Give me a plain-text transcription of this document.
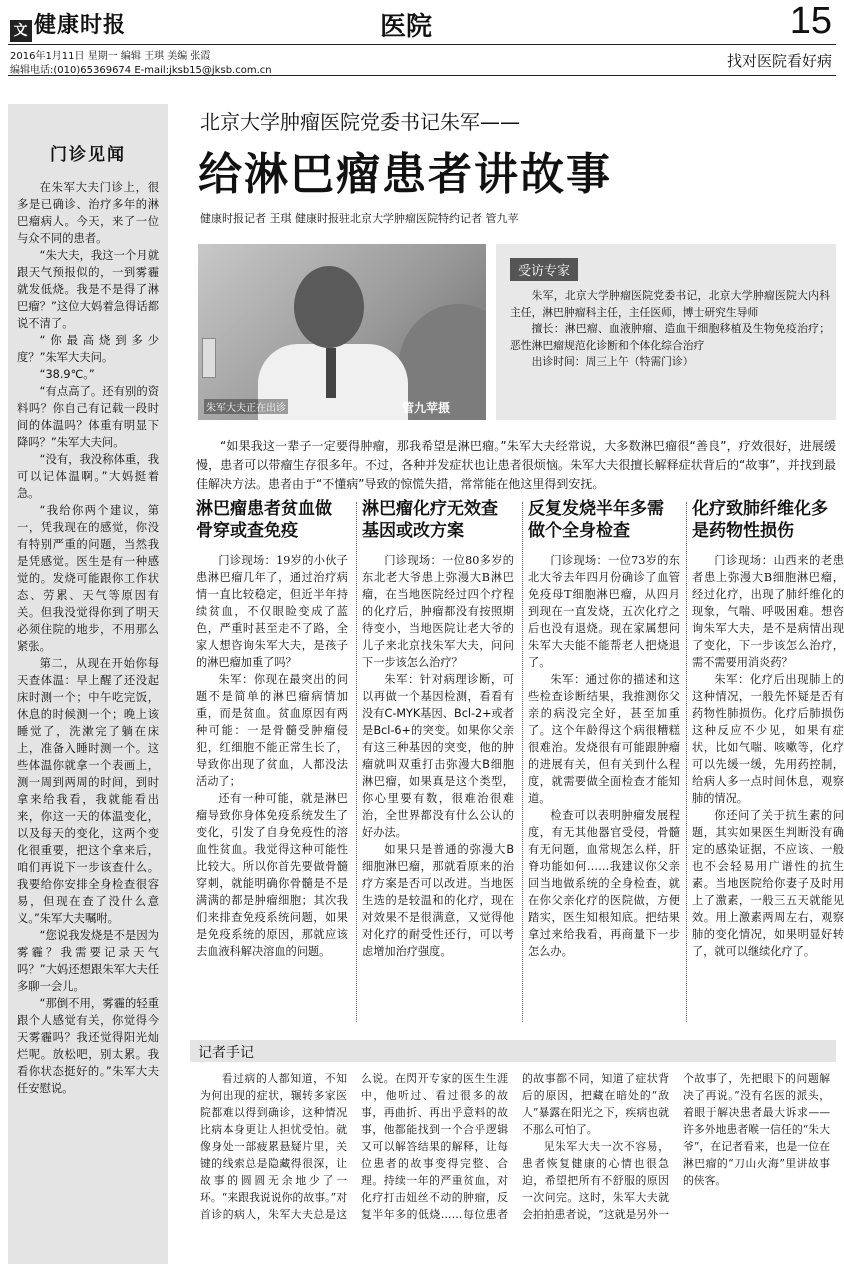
文 健康时报	医院	15
2016年1月11日 星期一 编辑 王琪 美编 张霞
编辑电话:(010)65369674 E-mail:jksb15@jksb.com.cn
找对医院看好病
门诊见闻

在朱军大夫门诊上，很多是已确诊、治疗多年的淋巴瘤病人。今天，来了一位与众不同的患者。

“朱大夫，我这一个月就跟天气预报似的，一到雾霾就发低烧。我是不是得了淋巴瘤？”这位大妈着急得话都说不清了。

“你最高烧到多少度？”朱军大夫问。

“38.9℃。”

“有点高了。还有别的资料吗？你自己有记载一段时间的体温吗？体重有明显下降吗？”朱军大夫问。

“没有，我没称体重，我可以记体温啊。”大妈挺着急。

“我给你两个建议，第一，凭我现在的感觉，你没有特别严重的问题，当然我是凭感觉。医生是有一种感觉的。发烧可能跟你工作状态、劳累、天气等原因有关。但我没觉得你到了明天必须住院的地步，不用那么紧张。

第二，从现在开始你每天查体温：早上醒了还没起床时测一个；中午吃完饭，休息的时候测一个；晚上该睡觉了，洗漱完了躺在床上，准备入睡时测一个。这些体温你就拿一个表画上，测一周到两周的时间，到时拿来给我看，我就能看出来，你这一天的体温变化，以及每天的变化，这两个变化很重要，把这个拿来后，咱们再说下一步该查什么。我要给你安排全身检查很容易，但现在查了没什么意义。”朱军大夫嘱咐。

“您说我发烧是不是因为雾霾？我需要记录天气吗？”大妈还想跟朱军大夫任多聊一会儿。

“那倒不用，雾霾的轻重跟个人感觉有关，你觉得今天雾霾吗？我还觉得阳光灿烂呢。放松吧，别太累。我看你状态挺好的。”朱军大夫任安慰说。

北京大学肿瘤医院党委书记朱军——
给淋巴瘤患者讲故事
健康时报记者 王琪 健康时报驻北京大学肿瘤医院特约记者 管九苹
朱军大夫正在出诊	管九苹摄
受访专家

朱军，北京大学肿瘤医院党委书记，北京大学肿瘤医院大内科主任，淋巴肿瘤科主任，主任医师，博士研究生导师

擅长：淋巴瘤、血液肿瘤、造血干细胞移植及生物免疫治疗；恶性淋巴瘤规范化诊断和个体化综合治疗

出诊时间：周三上午（特需门诊）

“如果我这一辈子一定要得肿瘤，那我希望是淋巴瘤。”朱军大夫经常说，大多数淋巴瘤很“善良”，疗效很好，进展缓慢，患者可以带瘤生存很多年。不过，各种并发症状也让患者很烦恼。朱军大夫很擅长解释症状背后的“故事”，并找到最佳解决方法。患者由于“不懂病”导致的惊慌失措，常常能在他这里得到安抚。
淋巴瘤患者贫血做骨穿或查免疫

门诊现场：19岁的小伙子患淋巴瘤几年了，通过治疗病情一直比较稳定，但近半年持续贫血，不仅眼睑变成了蓝色，严重时甚至走不了路，全家人想咨询朱军大夫，是孩子的淋巴瘤加重了吗？

朱军：你现在最突出的问题不是简单的淋巴瘤病情加重，而是贫血。贫血原因有两种可能：一是骨髓受肿瘤侵犯，红细胞不能正常生长了，导致你出现了贫血，人都没法活动了；

还有一种可能，就是淋巴瘤导致你身体免疫系统发生了变化，引发了自身免疫性的溶血性贫血。我觉得这种可能性比较大。所以你首先要做骨髓穿刺，就能明确你骨髓是不是满满的都是肿瘤细胞；其次我们来排查免疫系统问题，如果是免疫系统的原因，那就应该去血液科解决溶血的问题。

淋巴瘤化疗无效查基因或改方案

门诊现场：一位80多岁的东北老大爷患上弥漫大B淋巴瘤，在当地医院经过四个疗程的化疗后，肿瘤都没有按照期待变小，当地医院让老大爷的儿子来北京找朱军大夫，问问下一步该怎么治疗？

朱军：针对病理诊断，可以再做一个基因检测，看看有没有C-MYK基因、Bcl-2+或者是Bcl-6+的突变。如果你父亲有这三种基因的突变，他的肿瘤就叫双重打击弥漫大B细胞淋巴瘤，如果真是这个类型，你心里要有数，很难治很难治，全世界都没有什么公认的好办法。

如果只是普通的弥漫大B细胞淋巴瘤，那就看原来的治疗方案是否可以改进。当地医生选的是较温和的化疗，现在对效果不是很满意，又觉得他对化疗的耐受性还行，可以考虑增加治疗强度。

反复发烧半年多需做个全身检查

门诊现场：一位73岁的东北大爷去年四月份确诊了血管免疫母T细胞淋巴瘤，从四月到现在一直发烧，五次化疗之后也没有退烧。现在家属想问朱军大夫能不能帮老人把烧退了。

朱军：通过你的描述和这些检查诊断结果，我推测你父亲的病没完全好，甚至加重了。这个年龄得这个病很糟糕很难治。发烧很有可能跟肿瘤的进展有关，但有关到什么程度，就需要做全面检查才能知道。

检查可以表明肿瘤发展程度，有无其他器官受侵，骨髓有无问题，血常规怎么样，肝脊功能如何……我建议你父亲回当地做系统的全身检查，就在你父亲化疗的医院做，方便踏实，医生知根知底。把结果拿过来给我看，再商量下一步怎么办。

化疗致肺纤维化多是药物性损伤

门诊现场：山西来的老患者患上弥漫大B细胞淋巴瘤，经过化疗，出现了肺纤维化的现象，气喘、呼吸困难。想咨询朱军大夫，是不是病情出现了变化，下一步该怎么治疗，需不需要用消炎药？

朱军：化疗后出现肺上的这种情况，一般先怀疑是否有药物性肺损伤。化疗后肺损伤这种反应不少见，如果有症状，比如气喘、咳嗽等，化疗可以先缓一缓，先用药控制，给病人多一点时间休息，观察肺的情况。

你还问了关于抗生素的问题，其实如果医生判断没有确定的感染证据，不应该、一般也不会轻易用广谱性的抗生素。当地医院给你妻子及时用上了激素，一般三五天就能见效。用上激素两周左右，观察肺的变化情况，如果明显好转了，就可以继续化疗了。

记者手记

看过病的人都知道，不知为何出现的症状，辗转多家医院都难以得到确诊，这种情况比病本身更让人担忧受怕。就像身处一部疲累悬疑片里，关键的线索总是隐藏得很深，让故事的圆圆无余地少了一环。“来跟我说说你的故事。”对首诊的病人，朱军大夫总是这么说。在閃开专家的医生生涯中，他听过、看过很多的故事，再曲折、再出乎意料的故事，他都能找到一个合乎逻辑又可以解答结果的解释，让每位患者的故事变得完整、合理。持续一年的严重贫血，对化疗打击妞丝不动的肿瘤，反复半年多的低烧……每位患者的故事都不同，知道了症状背后的原因，把藏在暗处的“敌人”暴露在阳光之下，疾病也就不那么可怕了。

见朱军大夫一次不容易，患者恢复健康的心情也很急迫，希望把所有不舒服的原因一次问完。这时，朱军大夫就会拍拍患者说，“这就是另外一个故事了，先把眼下的问题解决了再说。”没有名医的派头，着眼于解决患者最大诉求——许多外地患者喉一信任的“朱大爷”，在记者看来，也是一位在淋巴瘤的“刀山火海”里讲故事的侠客。
